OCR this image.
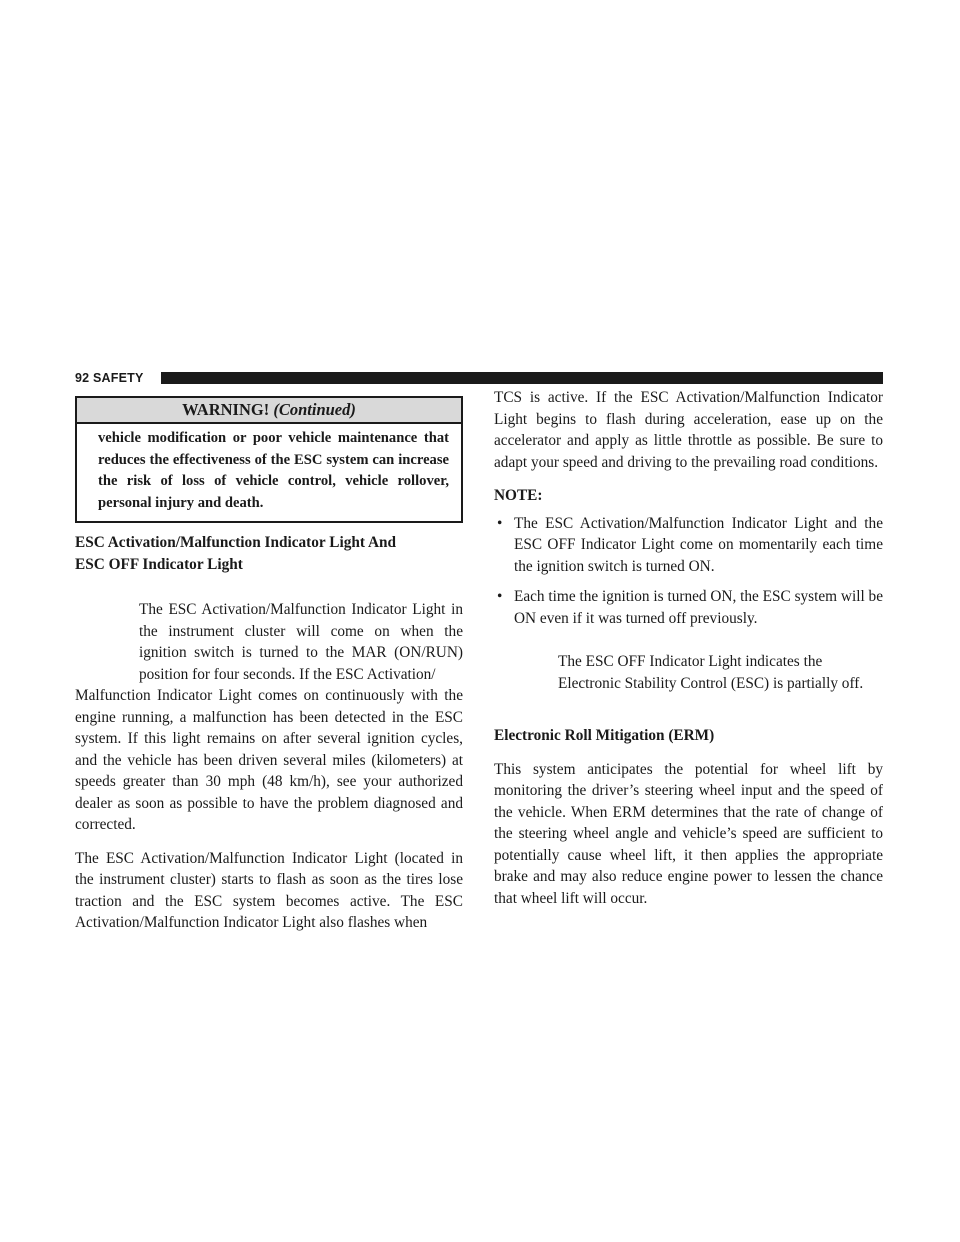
92 SAFETY
WARNING! (Continued)
vehicle modification or poor vehicle maintenance that reduces the effectiveness of the ESC system can increase the risk of loss of vehicle control, vehicle rollover, personal injury and death.
ESC Activation/Malfunction Indicator Light And
ESC OFF Indicator Light

The ESC Activation/Malfunction Indicator Light in the instrument cluster will come on when the ignition switch is turned to the MAR (ON/RUN) position for four seconds. If the ESC Activation/

Malfunction Indicator Light comes on continuously with the engine running, a malfunction has been detected in the ESC system. If this light remains on after several ignition cycles, and the vehicle has been driven several miles (kilometers) at speeds greater than 30 mph (48 km/h), see your authorized dealer as soon as possible to have the problem diagnosed and corrected.

The ESC Activation/Malfunction Indicator Light (located in the instrument cluster) starts to flash as soon as the tires lose traction and the ESC system becomes active. The ESC Activation/Malfunction Indicator Light also flashes when

TCS is active. If the ESC Activation/Malfunction Indicator Light begins to flash during acceleration, ease up on the accelerator and apply as little throttle as possible. Be sure to adapt your speed and driving to the prevailing road conditions.

NOTE:
• The ESC Activation/Malfunction Indicator Light and the ESC OFF Indicator Light come on momentarily each time the ignition switch is turned ON.
• Each time the ignition is turned ON, the ESC system will be ON even if it was turned off previously.

The ESC OFF Indicator Light indicates the Electronic Stability Control (ESC) is partially off.

Electronic Roll Mitigation (ERM)

This system anticipates the potential for wheel lift by monitoring the driver’s steering wheel input and the speed of the vehicle. When ERM determines that the rate of change of the steering wheel angle and vehicle’s speed are sufficient to potentially cause wheel lift, it then applies the appropriate brake and may also reduce engine power to lessen the chance that wheel lift will occur.
